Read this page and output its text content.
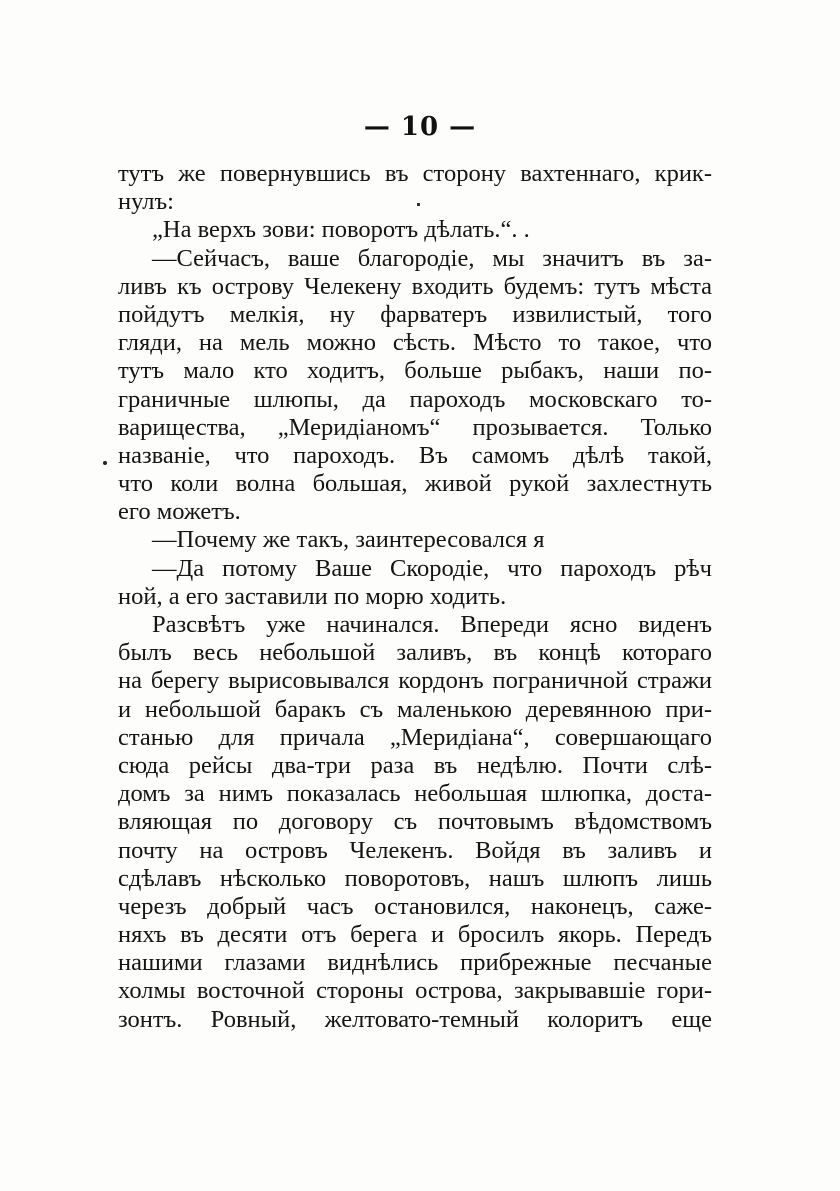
— 10 —
тутъ же повернувшись въ сторону вахтеннаго, крик-
нулъ:
„На верхъ зови: поворотъ дѣлать.“. .
—Сейчасъ, ваше благородіе, мы значитъ въ за-
ливъ къ острову Челекену входить будемъ: тутъ мѣста
пойдутъ мелкія, ну фарватеръ извилистый, того
гляди, на мель можно сѣсть. Мѣсто то такое, что
тутъ мало кто ходитъ, больше рыбакъ, наши по-
граничные шлюпы, да пароходъ московскаго то-
варищества, „Меридіаномъ“ прозывается. Только
названіе, что пароходъ. Въ самомъ дѣлѣ такой,
что коли волна большая, живой рукой захлестнуть
его можетъ.
—Почему же такъ, заинтересовался я
—Да потому Ваше Скородіе, что пароходъ рѣч
ной, а его заставили по морю ходить.
Разсвѣтъ уже начинался. Впереди ясно виденъ
былъ весь небольшой заливъ, въ концѣ котораго
на берегу вырисовывался кордонъ пограничной стражи
и небольшой баракъ съ маленькою деревянною при-
станью для причала „Меридіана“, совершающаго
сюда рейсы два-три раза въ недѣлю. Почти слѣ-
домъ за нимъ показалась небольшая шлюпка, доста-
вляющая по договору съ почтовымъ вѣдомствомъ
почту на островъ Челекенъ. Войдя въ заливъ и
сдѣлавъ нѣсколько поворотовъ, нашъ шлюпъ лишь
черезъ добрый часъ остановился, наконецъ, саже-
няхъ въ десяти отъ берега и бросилъ якорь. Передъ
нашими глазами виднѣлись прибрежные песчаные
холмы восточной стороны острова, закрывавшіе гори-
зонтъ. Ровный, желтовато-темный колоритъ еще
